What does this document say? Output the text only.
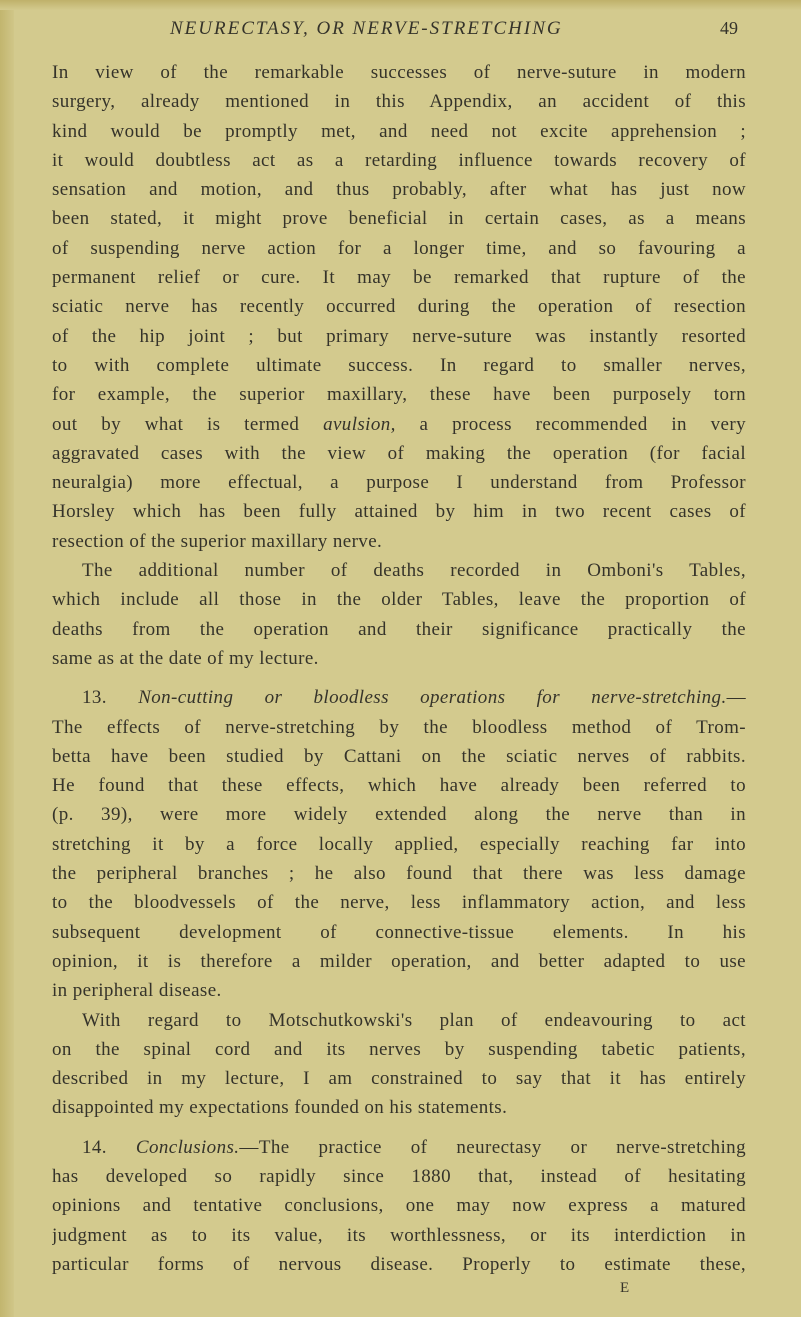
NEURECTASY, OR NERVE-STRETCHING	49
In view of the remarkable successes of nerve-suture in modern
surgery, already mentioned in this Appendix, an accident of this
kind would be promptly met, and need not excite apprehension ;
it would doubtless act as a retarding influence towards recovery of
sensation and motion, and thus probably, after what has just now
been stated, it might prove beneficial in certain cases, as a means
of suspending nerve action for a longer time, and so favouring a
permanent relief or cure. It may be remarked that rupture of the
sciatic nerve has recently occurred during the operation of resection
of the hip joint ; but primary nerve-suture was instantly resorted
to with complete ultimate success. In regard to smaller nerves,
for example, the superior maxillary, these have been purposely torn
out by what is termed avulsion, a process recommended in very
aggravated cases with the view of making the operation (for facial
neuralgia) more effectual, a purpose I understand from Professor
Horsley which has been fully attained by him in two recent cases of
resection of the superior maxillary nerve.
The additional number of deaths recorded in Omboni's Tables,
which include all those in the older Tables, leave the proportion of
deaths from the operation and their significance practically the
same as at the date of my lecture.
13. Non-cutting or bloodless operations for nerve-stretching.—
The effects of nerve-stretching by the bloodless method of Trom-
betta have been studied by Cattani on the sciatic nerves of rabbits.
He found that these effects, which have already been referred to
(p. 39), were more widely extended along the nerve than in
stretching it by a force locally applied, especially reaching far into
the peripheral branches ; he also found that there was less damage
to the bloodvessels of the nerve, less inflammatory action, and less
subsequent development of connective-tissue elements. In his
opinion, it is therefore a milder operation, and better adapted to use
in peripheral disease.
With regard to Motschutkowski's plan of endeavouring to act
on the spinal cord and its nerves by suspending tabetic patients,
described in my lecture, I am constrained to say that it has entirely
disappointed my expectations founded on his statements.
14. Conclusions.—The practice of neurectasy or nerve-stretching
has developed so rapidly since 1880 that, instead of hesitating
opinions and tentative conclusions, one may now express a matured
judgment as to its value, its worthlessness, or its interdiction in
particular forms of nervous disease. Properly to estimate these,
E
